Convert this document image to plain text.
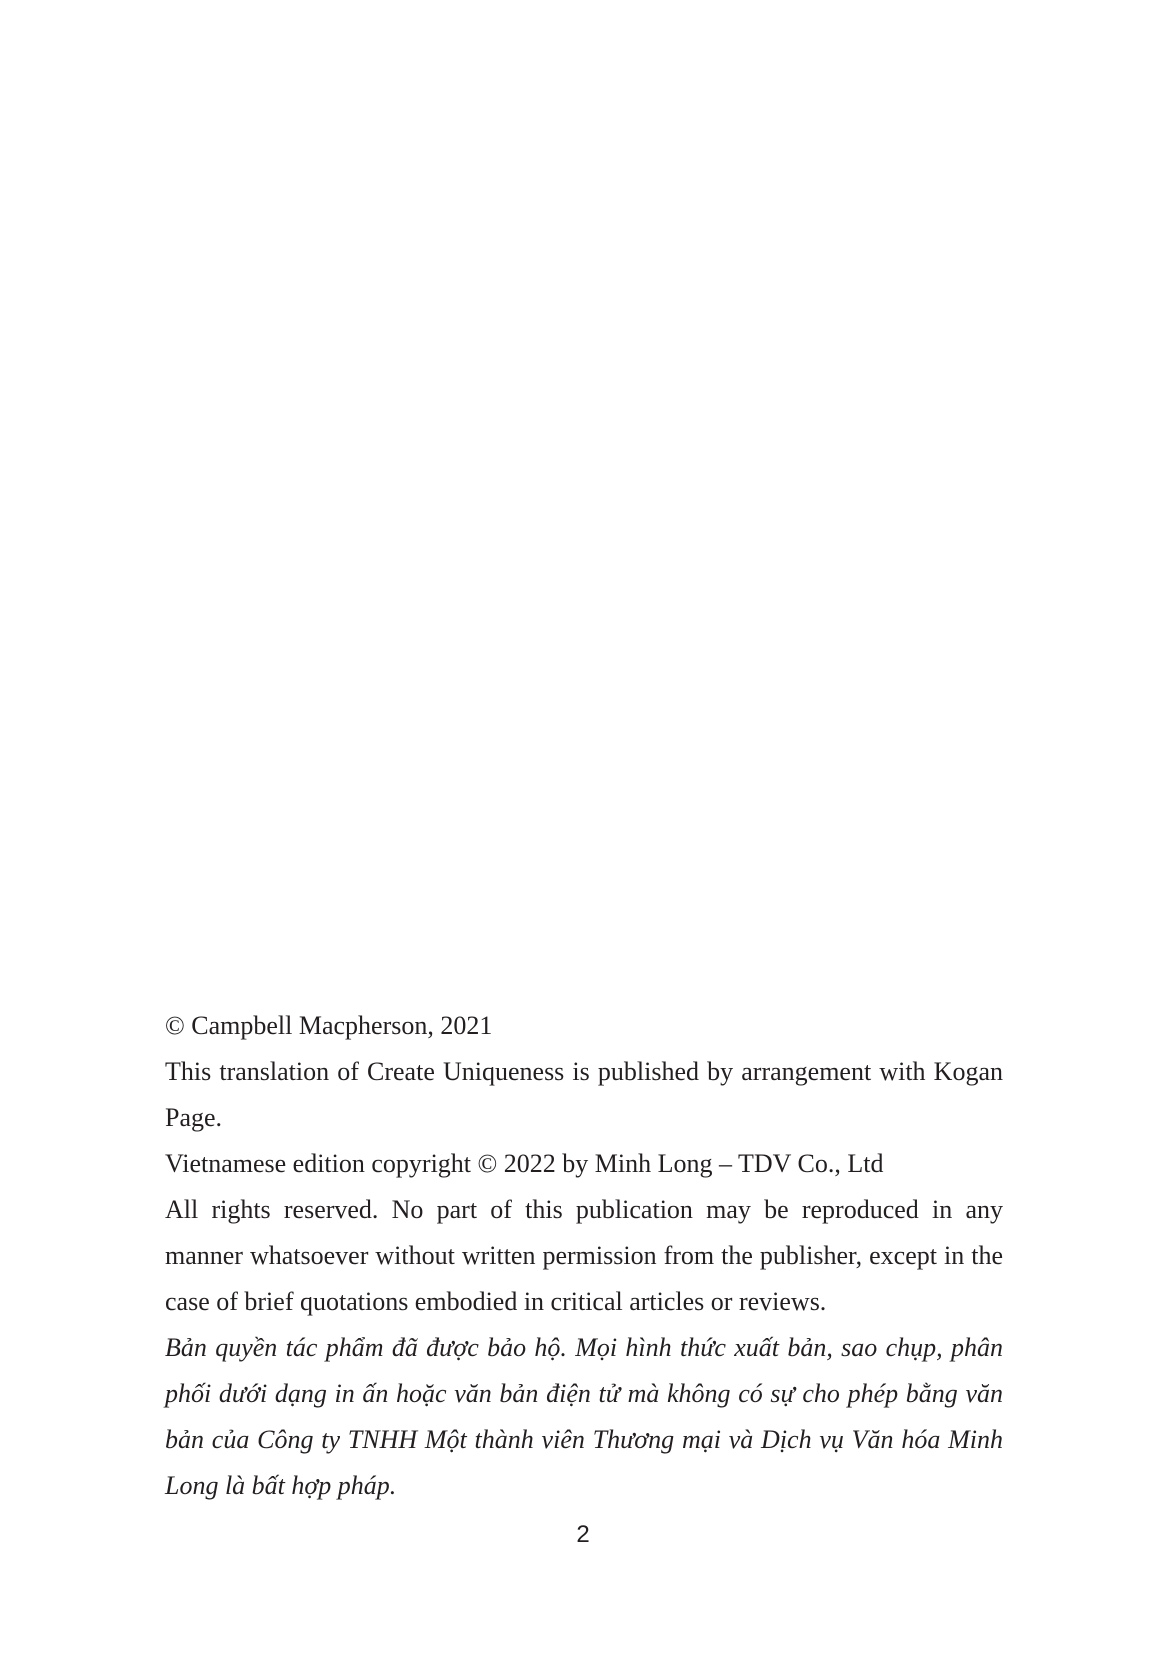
© Campbell Macpherson, 2021

This translation of Create Uniqueness is published by arrangement with Kogan Page.

Vietnamese edition copyright © 2022 by Minh Long – TDV Co., Ltd

All rights reserved. No part of this publication may be reproduced in any manner whatsoever without written permission from the publisher, except in the case of brief quotations embodied in critical articles or reviews.

Bản quyền tác phẩm đã được bảo hộ. Mọi hình thức xuất bản, sao chụp, phân phối dưới dạng in ấn hoặc văn bản điện tử mà không có sự cho phép bằng văn bản của Công ty TNHH Một thành viên Thương mại và Dịch vụ Văn hóa Minh Long là bất hợp pháp.

2
